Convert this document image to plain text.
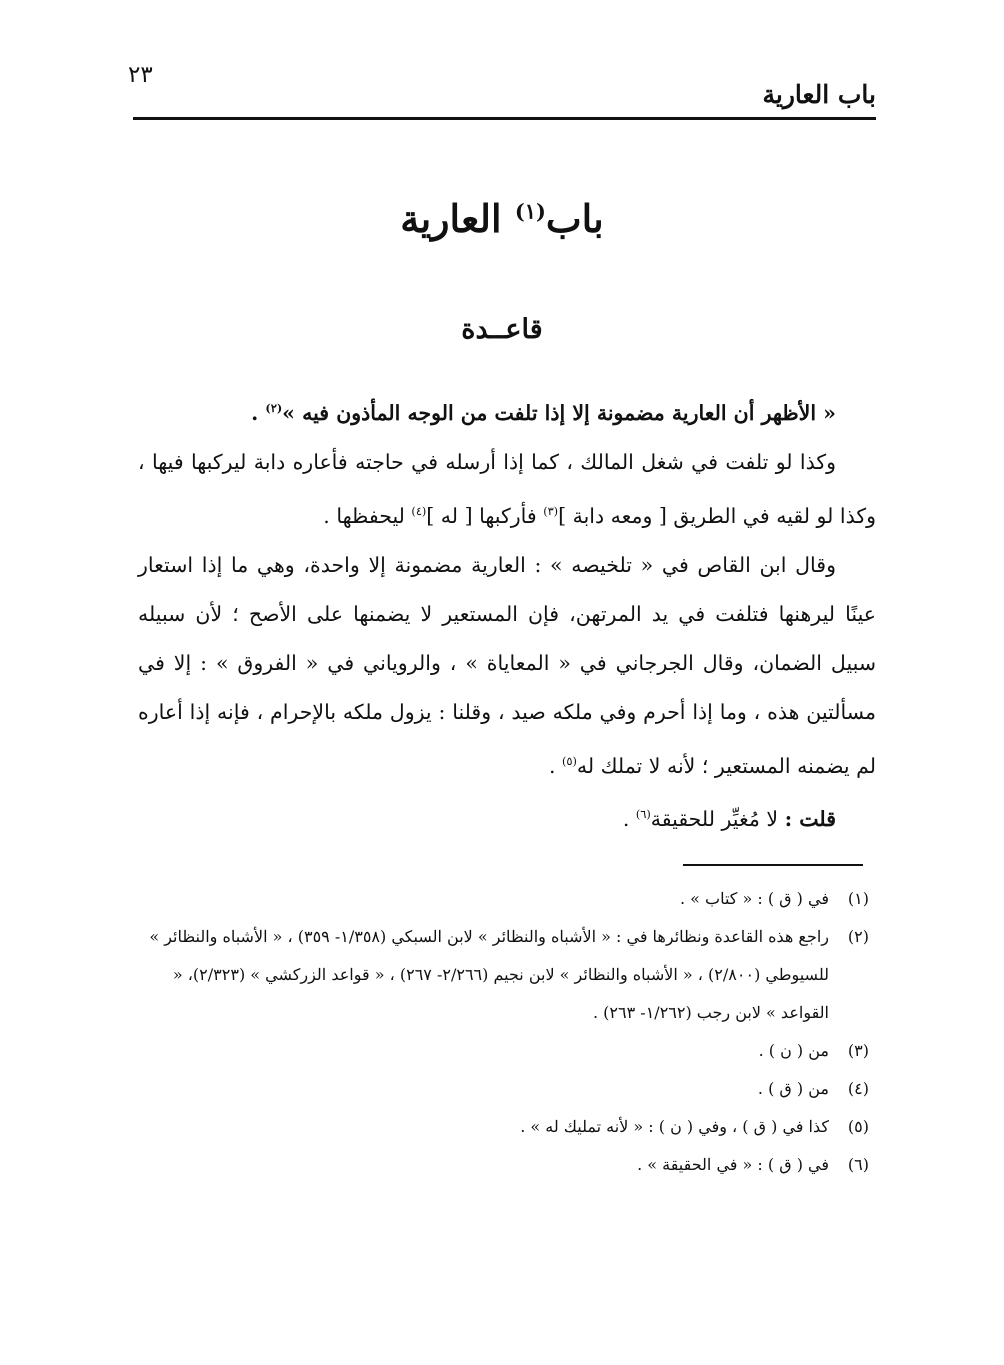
باب العارية
٢٣
باب$^{(١)}$ العارية
قاعــدة

« الأظهر أن العارية مضمونة إلا إذا تلفت من الوجه المأذون فيه »$^{(٢)}$ .

وكذا لو تلفت في شغل المالك ، كما إذا أرسله في حاجته فأعاره دابة ليركبها فيها ، وكذا لو لقيه في الطريق [ ومعه دابة ]$^{(٣)}$ فأركبها [ له ]$^{(٤)}$ ليحفظها .

وقال ابن القاص في « تلخيصه » : العارية مضمونة إلا واحدة، وهي ما إذا استعار عينًا ليرهنها فتلفت في يد المرتهن، فإن المستعير لا يضمنها على الأصح ؛ لأن سبيله سبيل الضمان، وقال الجرجاني في « المعاياة » ، والروياني في « الفروق » : إلا في مسألتين هذه ، وما إذا أحرم وفي ملكه صيد ، وقلنا : يزول ملكه بالإحرام ، فإنه إذا أعاره لم يضمنه المستعير ؛ لأنه لا تملك له$^{(٥)}$ .

قلت : لا مُغيِّر للحقيقة$^{(٦)}$ .

(١)
في ( ق ) : « كتاب » .
(٢)
راجع هذه القاعدة ونظائرها في : « الأشباه والنظائر » لابن السبكي (١/٣٥٨- ٣٥٩) ، « الأشباه والنظائر » للسيوطي (٢/٨٠٠) ، « الأشباه والنظائر » لابن نجيم (٢/٢٦٦- ٢٦٧) ، « قواعد الزركشي » (٢/٣٢٣)، « القواعد » لابن رجب (١/٢٦٢- ٢٦٣) .
(٣)
من ( ن ) .
(٤)
من ( ق ) .
(٥)
كذا في ( ق ) ، وفي ( ن ) : « لأنه تمليك له » .
(٦)
في ( ق ) : « في الحقيقة » .
